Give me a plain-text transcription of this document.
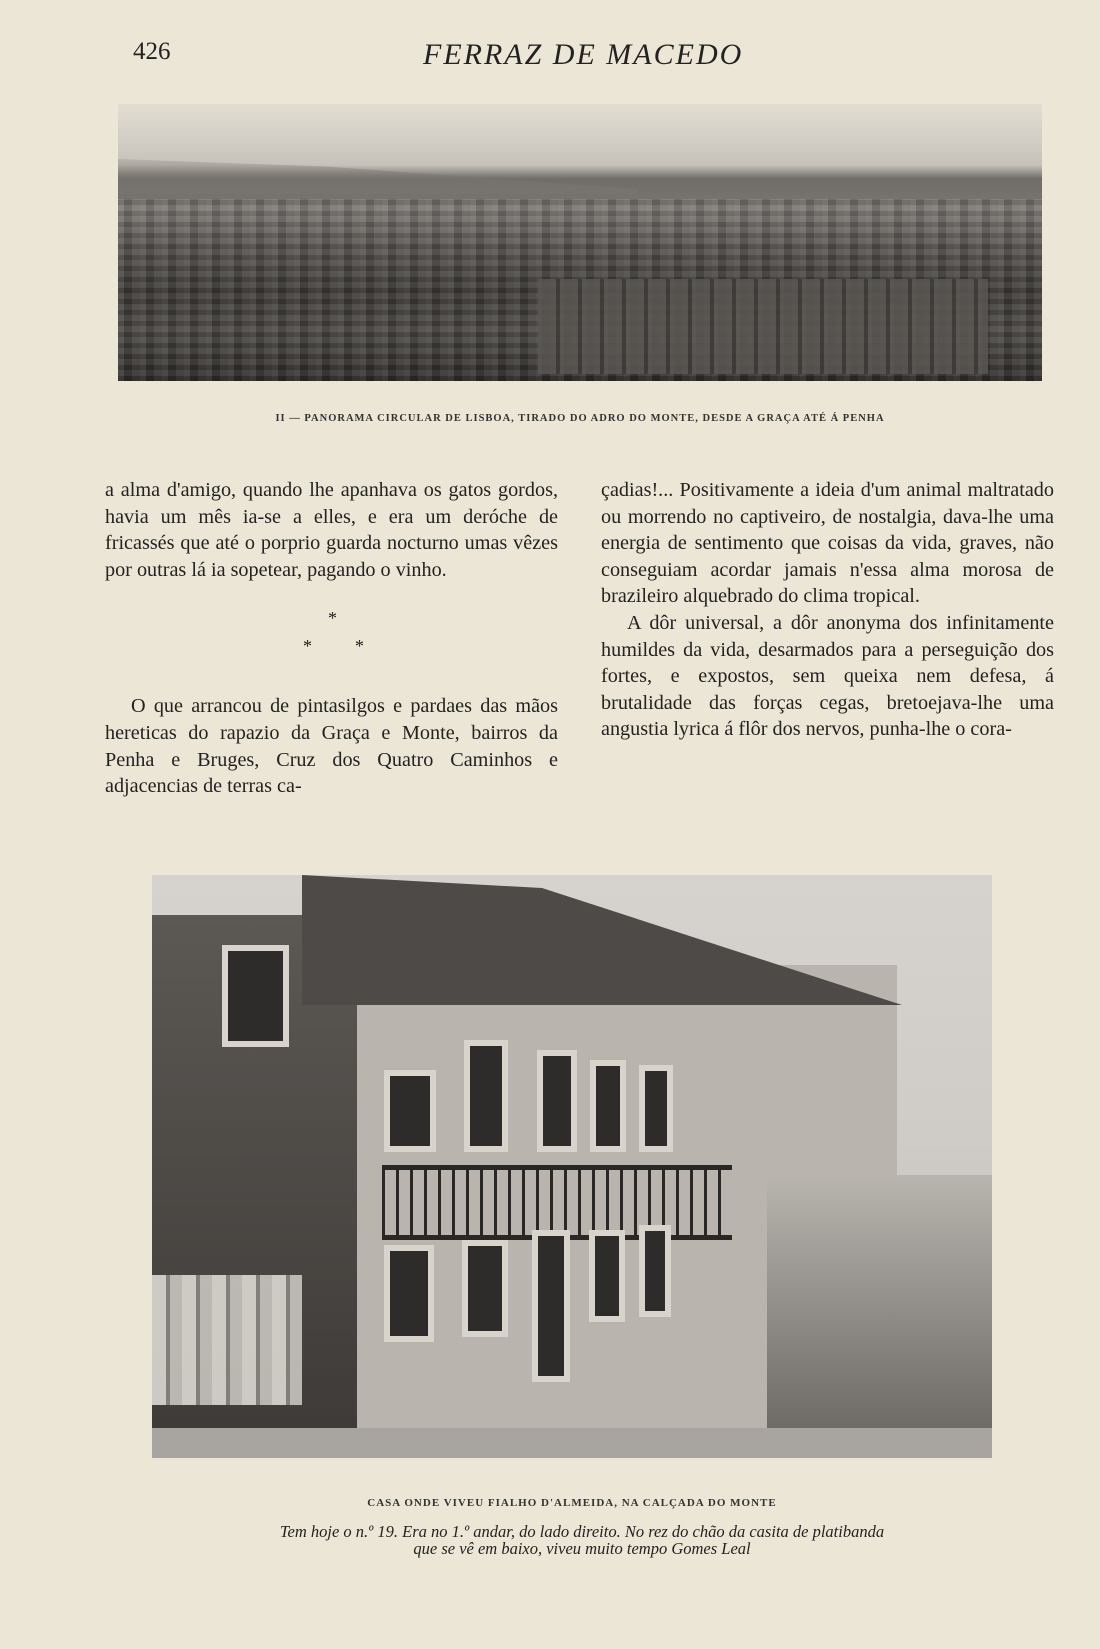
426	FERRAZ DE MACEDO
II — PANORAMA CIRCULAR DE LISBOA, TIRADO DO ADRO DO MONTE, DESDE A GRAÇA ATÉ Á PENHA

a alma d'amigo, quando lhe apanhava os gatos gordos, havia um mês ia-se a elles, e era um deróche de fricassés que até o porprio guarda nocturno umas vêzes por outras lá ia sopetear, pagando o vinho.

*
* *

O que arrancou de pintasilgos e pardaes das mãos hereticas do rapazio da Graça e Monte, bairros da Penha e Bruges, Cruz dos Quatro Caminhos e adjacencias de terras ca-

çadias!... Positivamente a ideia d'um animal maltratado ou morrendo no captiveiro, de nostalgia, dava-lhe uma energia de sentimento que coisas da vida, graves, não conseguiam acordar jamais n'essa alma morosa de brazileiro alquebrado do clima tropical.

A dôr universal, a dôr anonyma dos infinitamente humildes da vida, desarmados para a perseguição dos fortes, e expostos, sem queixa nem defesa, á brutalidade das forças cegas, bretoejava-lhe uma angustia lyrica á flôr dos nervos, punha-lhe o cora-

CASA ONDE VIVEU FIALHO D'ALMEIDA, NA CALÇADA DO MONTE
Tem hoje o n.º 19. Era no 1.º andar, do lado direito. No rez do chão da casita de platibanda
que se vê em baixo, viveu muito tempo Gomes Leal
